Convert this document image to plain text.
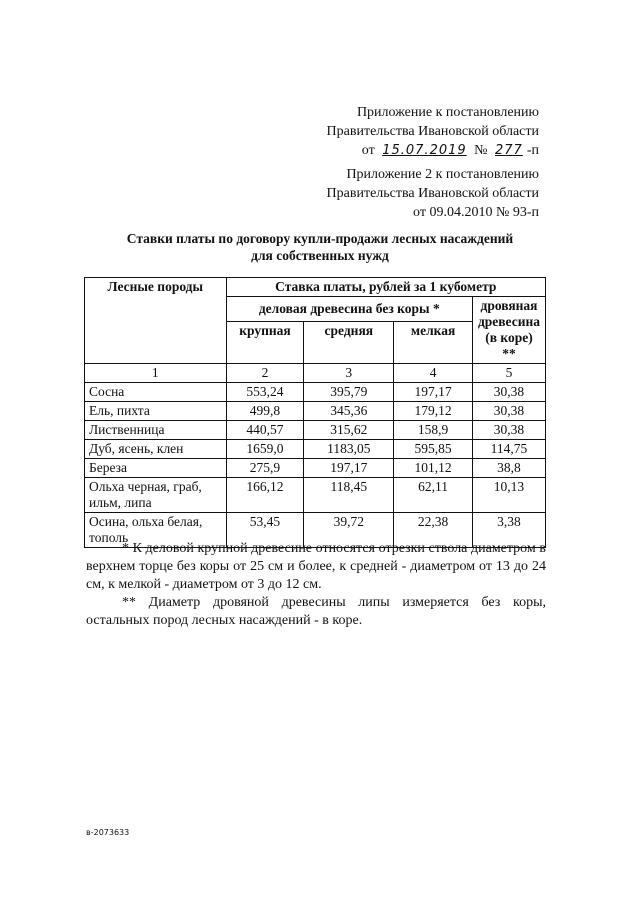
Приложение к постановлению
Правительства Ивановской области
от 15.07.2019 № 277 -п
Приложение 2 к постановлению
Правительства Ивановской области
от 09.04.2010 № 93-п
Ставки платы по договору купли-продажи лесных насаждений
для собственных нужд
Лесные породы	Ставка платы, рублей за 1 кубометр			
	деловая древесина без коры *			дровяная древесина (в коре) **
	крупная	средняя	мелкая	
1	2	3	4	5
Сосна	553,24	395,79	197,17	30,38
Ель, пихта	499,8	345,36	179,12	30,38
Лиственница	440,57	315,62	158,9	30,38
Дуб, ясень, клен	1659,0	1183,05	595,85	114,75
Береза	275,9	197,17	101,12	38,8
Ольха черная, граб, ильм, липа	166,12	118,45	62,11	10,13
Осина, ольха белая, тополь	53,45	39,72	22,38	3,38

* К деловой крупной древесине относятся отрезки ствола диаметром в верхнем торце без коры от 25 см и более, к средней - диаметром от 13 до 24 см, к мелкой - диаметром от 3 до 12 см.

** Диаметр дровяной древесины липы измеряется без коры, остальных пород лесных насаждений - в коре.

в-2073633
